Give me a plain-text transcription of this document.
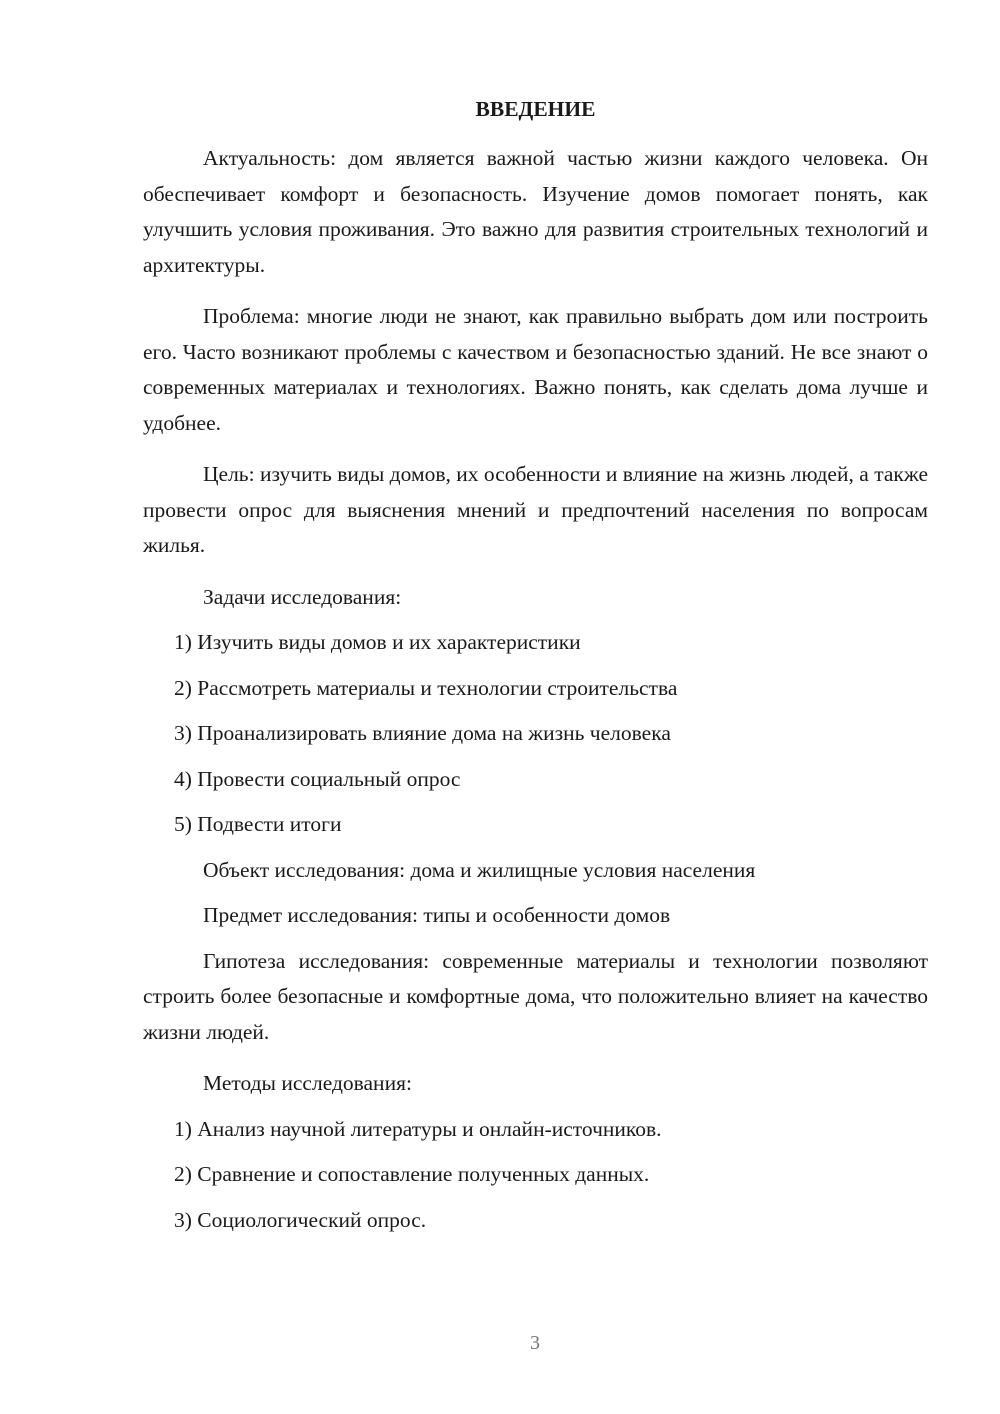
ВВЕДЕНИЕ

Актуальность: дом является важной частью жизни каждого человека. Он обеспечивает комфорт и безопасность. Изучение домов помогает понять, как улучшить условия проживания. Это важно для развития строительных технологий и архитектуры.

Проблема: многие люди не знают, как правильно выбрать дом или построить его. Часто возникают проблемы с качеством и безопасностью зданий. Не все знают о современных материалах и технологиях. Важно понять, как сделать дома лучше и удобнее.

Цель: изучить виды домов, их особенности и влияние на жизнь людей, а также провести опрос для выяснения мнений и предпочтений населения по вопросам жилья.

Задачи исследования:
1) Изучить виды домов и их характеристики
2) Рассмотреть материалы и технологии строительства
3) Проанализировать влияние дома на жизнь человека
4) Провести социальный опрос
5) Подвести итоги
Объект исследования: дома и жилищные условия населения
Предмет исследования: типы и особенности домов

Гипотеза исследования: современные материалы и технологии позволяют строить более безопасные и комфортные дома, что положительно влияет на качество жизни людей.

Методы исследования:
1) Анализ научной литературы и онлайн-источников.
2) Сравнение и сопоставление полученных данных.
3) Социологический опрос.
3
